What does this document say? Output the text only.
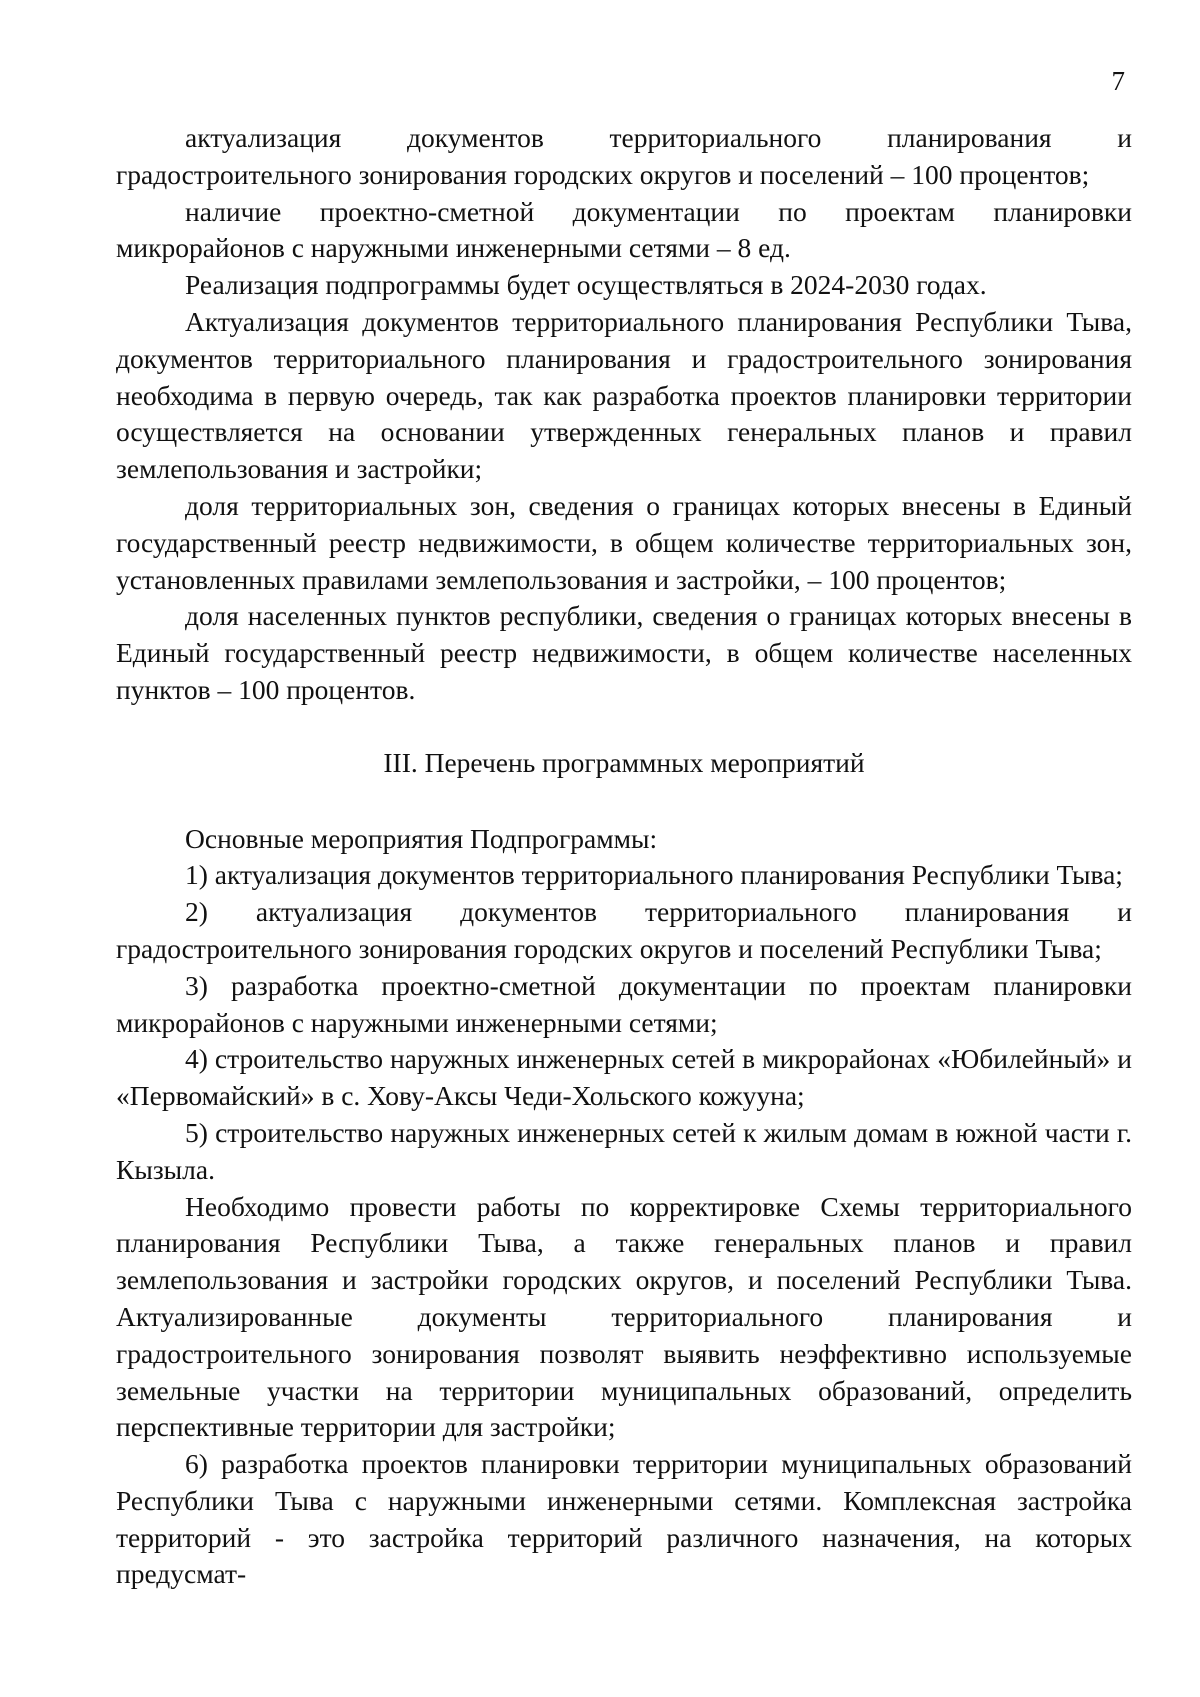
7

актуализация документов территориального планирования и градостроительного зонирования городских округов и поселений – 100 процентов;

наличие проектно-сметной документации по проектам планировки микрорайонов с наружными инженерными сетями – 8 ед.

Реализация подпрограммы будет осуществляться в 2024-2030 годах.

Актуализация документов территориального планирования Республики Тыва, документов территориального планирования и градостроительного зонирования необходима в первую очередь, так как разработка проектов планировки территории осуществляется на основании утвержденных генеральных планов и правил землепользования и застройки;

доля территориальных зон, сведения о границах которых внесены в Единый государственный реестр недвижимости, в общем количестве территориальных зон, установленных правилами землепользования и застройки, – 100 процентов;

доля населенных пунктов республики, сведения о границах которых внесены в Единый государственный реестр недвижимости, в общем количестве населенных пунктов – 100 процентов.

III. Перечень программных мероприятий

Основные мероприятия Подпрограммы:

1) актуализация документов территориального планирования Республики Тыва;

2) актуализация документов территориального планирования и градостроительного зонирования городских округов и поселений Республики Тыва;

3) разработка проектно-сметной документации по проектам планировки микрорайонов с наружными инженерными сетями;

4) строительство наружных инженерных сетей в микрорайонах «Юбилейный» и «Первомайский» в с. Хову-Аксы Чеди-Хольского кожууна;

5) строительство наружных инженерных сетей к жилым домам в южной части г. Кызыла.

Необходимо провести работы по корректировке Схемы территориального планирования Республики Тыва, а также генеральных планов и правил землепользования и застройки городских округов, и поселений Республики Тыва. Актуализированные документы территориального планирования и градостроительного зонирования позволят выявить неэффективно используемые земельные участки на территории муниципальных образований, определить перспективные территории для застройки;

6) разработка проектов планировки территории муниципальных образований Республики Тыва с наружными инженерными сетями. Комплексная застройка территорий - это застройка территорий различного назначения, на которых предусмат-
